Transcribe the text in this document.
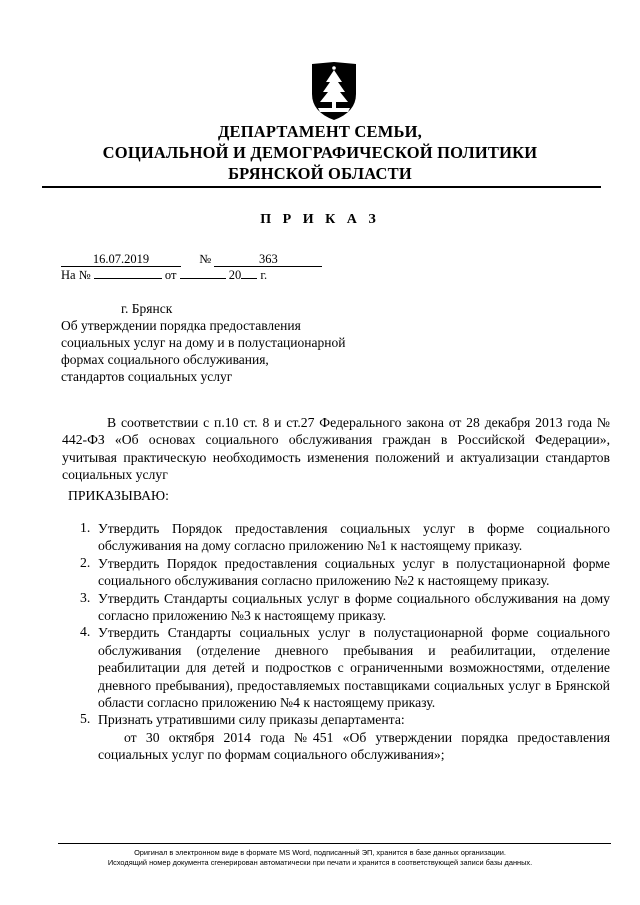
ДЕПАРТАМЕНТ СЕМЬИ,
СОЦИАЛЬНОЙ И ДЕМОГРАФИЧЕСКОЙ ПОЛИТИКИ
БРЯНСКОЙ ОБЛАСТИ
П Р И К А З
16.07.2019	№	363
На №	от	20 г.
г. Брянск
Об утверждении порядка предоставления
социальных услуг на дому и в полустационарной
формах социального обслуживания,
стандартов социальных услуг
В соответствии с п.10 ст. 8 и ст.27 Федерального закона от 28 декабря 2013 года № 442-ФЗ «Об основах социального обслуживания граждан в Российской Федерации», учитывая практическую необходимость изменения положений и актуализации стандартов социальных услуг
ПРИКАЗЫВАЮ:
1. Утвердить Порядок предоставления социальных услуг в форме социального обслуживания на дому согласно приложению №1 к настоящему приказу.
2. Утвердить Порядок предоставления социальных услуг в полустационарной форме социального обслуживания согласно приложению №2 к настоящему приказу.
3. Утвердить Стандарты социальных услуг в форме социального обслуживания на дому согласно приложению №3 к настоящему приказу.
4. Утвердить Стандарты социальных услуг в полустационарной форме социального обслуживания (отделение дневного пребывания и реабилитации, отделение реабилитации для детей и подростков с ограниченными возможностями, отделение дневного пребывания), предоставляемых поставщиками социальных услуг в Брянской области согласно приложению №4 к настоящему приказу.
5. Признать утратившими силу приказы департамента:
от 30 октября 2014 года №451 «Об утверждении порядка предоставления социальных услуг по формам социального обслуживания»;
Оригинал в электронном виде в формате MS Word, подписанный ЭП, хранится в базе данных организации.
Исходящий номер документа сгенерирован автоматически при печати и хранится в соответствующей записи базы данных.
